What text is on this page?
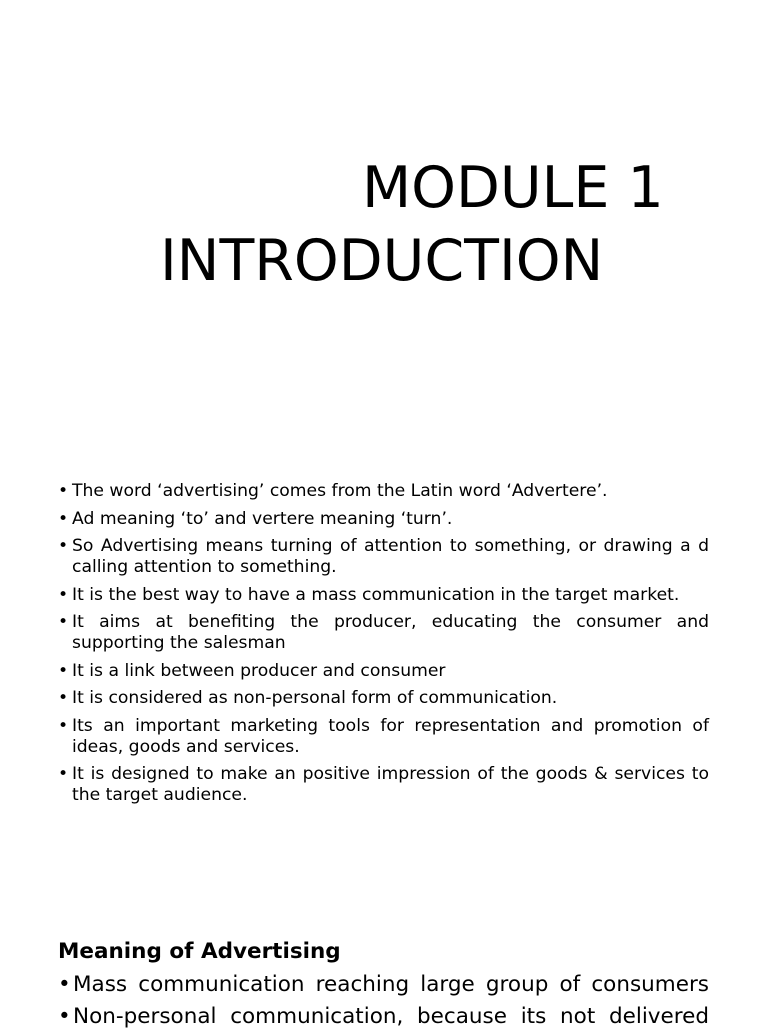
MODULE 1
INTRODUCTION
• The word ‘advertising’ comes from the Latin word ‘Advertere’.
• Ad meaning ‘to’ and vertere meaning ‘turn’.
• So Advertising means turning of attention to something, or drawing a d calling attention to something.
• It is the best way to have a mass communication in the target market.
• It aims at benefiting the producer, educating the consumer and supporting the salesman
• It is a link between producer and consumer
• It is considered as non-personal form of communication.
• Its an important marketing tools for representation and promotion of ideas, goods and services.
• It is designed to make an positive impression of the goods & services to the target audience.
Meaning of Advertising
• Mass communication reaching large group of consumers
• Non-personal communication, because its not delivered
